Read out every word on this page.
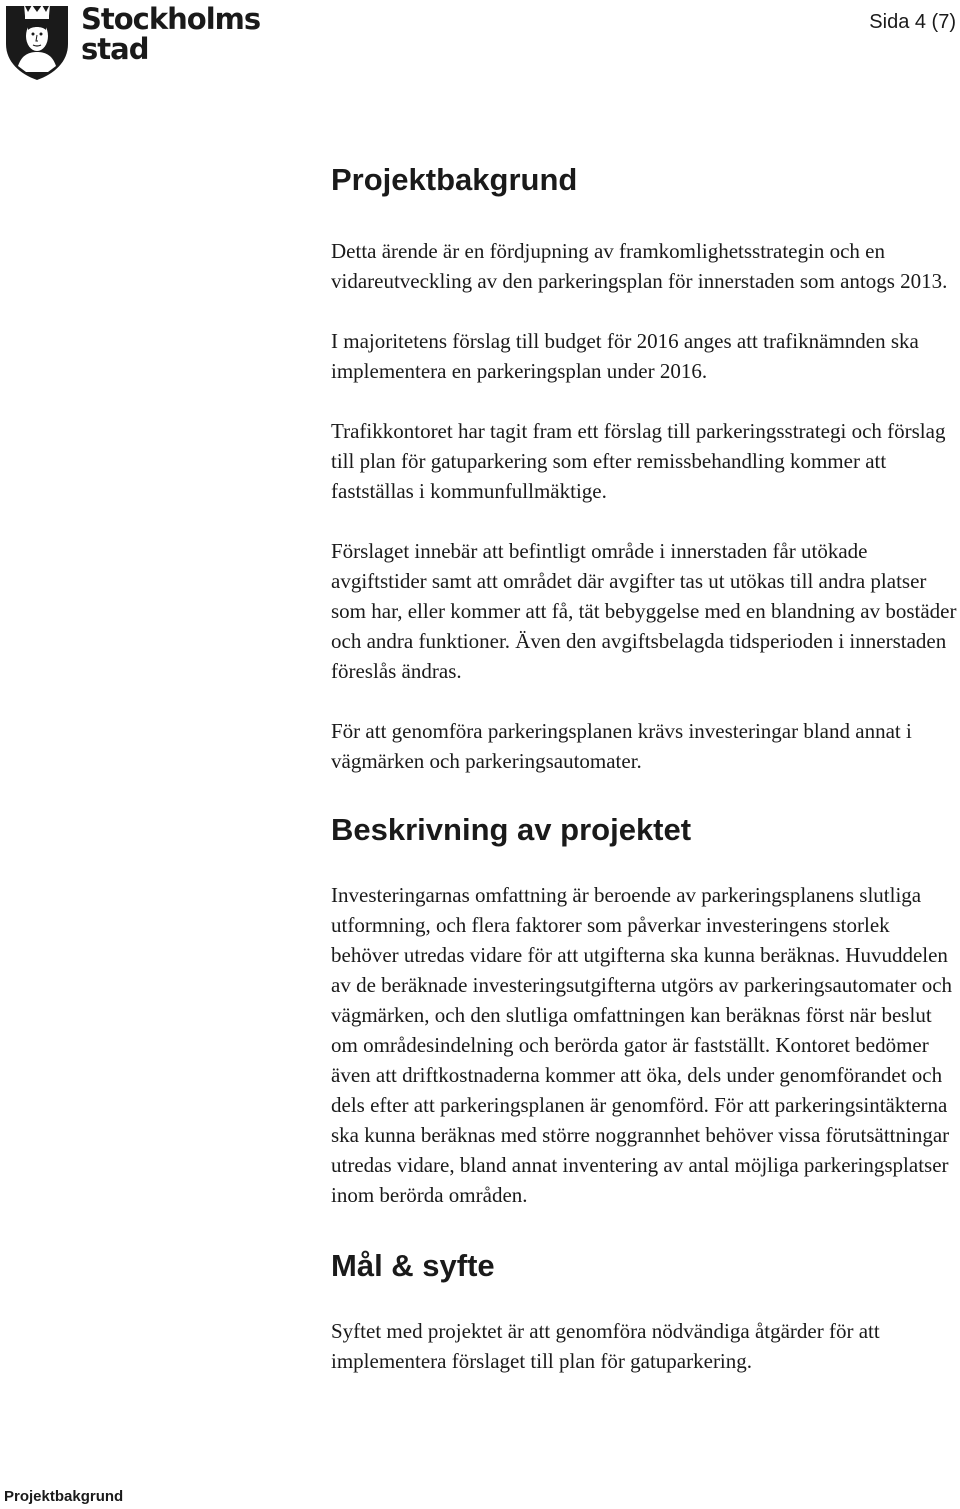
Stockholms
stad
Sida 4 (7)
Projektbakgrund

Detta ärende är en fördjupning av framkomlighetsstrategin och en vidareutveckling av den parkeringsplan för innerstaden som antogs 2013.

I majoritetens förslag till budget för 2016 anges att trafiknämnden ska implementera en parkeringsplan under 2016.

Trafikkontoret har tagit fram ett förslag till parkeringsstrategi och förslag till plan för gatuparkering som efter remissbehandling kommer att fastställas i kommunfullmäktige.

Förslaget innebär att befintligt område i innerstaden får utökade avgiftstider samt att området där avgifter tas ut utökas till andra platser som har, eller kommer att få, tät bebyggelse med en blandning av bostäder och andra funktioner. Även den avgiftsbelagda tidsperioden i innerstaden föreslås ändras.

För att genomföra parkeringsplanen krävs investeringar bland annat i vägmärken och parkeringsautomater.

Beskrivning av projektet

Investeringarnas omfattning är beroende av parkeringsplanens slutliga utformning, och flera faktorer som påverkar investeringens storlek behöver utredas vidare för att utgifterna ska kunna beräknas. Huvuddelen av de beräknade investeringsutgifterna utgörs av parkeringsautomater och vägmärken, och den slutliga omfattningen kan beräknas först när beslut om områdesindelning och berörda gator är fastställt. Kontoret bedömer även att driftkostnaderna kommer att öka, dels under genomförandet och dels efter att parkeringsplanen är genomförd. För att parkeringsintäkterna ska kunna beräknas med större noggrannhet behöver vissa förutsättningar utredas vidare, bland annat inventering av antal möjliga parkeringsplatser inom berörda områden.

Mål & syfte

Syftet med projektet är att genomföra nödvändiga åtgärder för att implementera förslaget till plan för gatuparkering.

Projektbakgrund
